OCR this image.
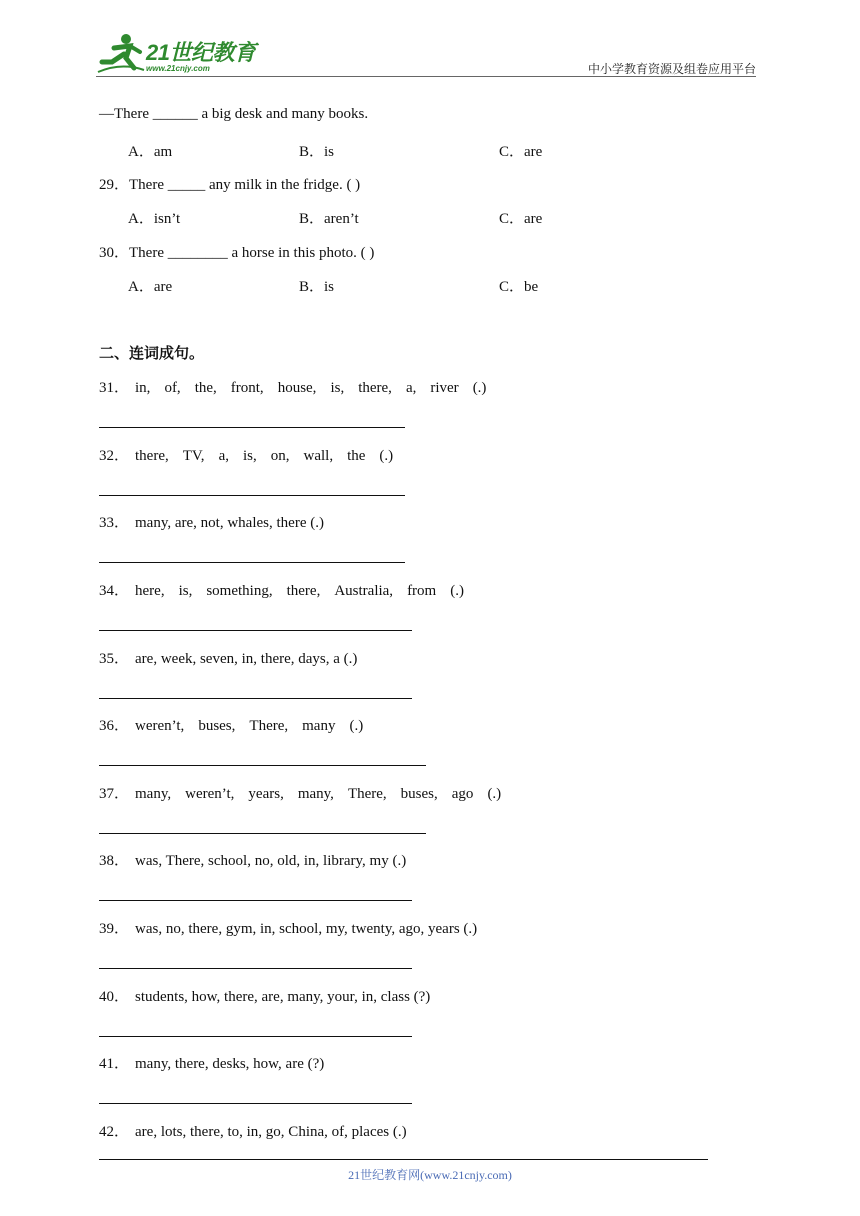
21世纪教育
www.21cnjy.com	中小学教育资源及组卷应用平台
—There ______ a big desk and many books.
A．am	B．is	C．are
29．There _____ any milk in the fridge. ( )
A．isn’t	B．aren’t	C．are
30．There ________ a horse in this photo. ( )
A．are	B．is	C．be
二、连词成句。
31． in, of, the, front, house, is, there, a, river (.)
32． there, TV, a, is, on, wall, the (.)
33． many, are, not, whales, there (.)
34． here, is, something, there, Australia, from (.)
35． are, week, seven, in, there, days, a (.)
36． weren’t, buses, There, many (.)
37． many, weren’t, years, many, There, buses, ago (.)
38． was, There, school, no, old, in, library, my (.)
39． was, no, there, gym, in, school, my, twenty, ago, years (.)
40． students, how, there, are, many, your, in, class (?)
41． many, there, desks, how, are (?)
42． are, lots, there, to, in, go, China, of, places (.)
21世纪教育网(www.21cnjy.com)
